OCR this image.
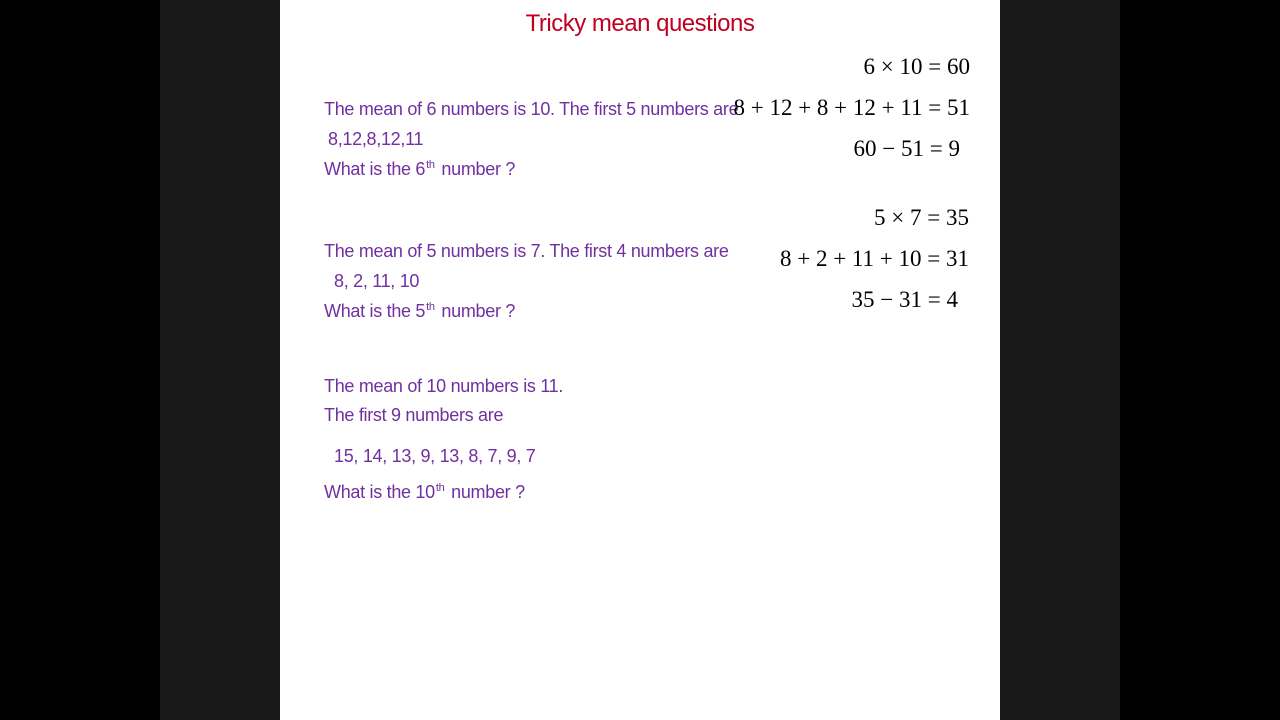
Tricky mean questions
The mean of 6 numbers is 10. The first 5 numbers are
8,12,8,12,11
What is the 6th number ?
The mean of 5 numbers is 7. The first 4 numbers are
8, 2, 11, 10
What is the 5th number ?
The mean of 10 numbers is 11.
The first 9 numbers are
15, 14, 13, 9, 13, 8, 7, 9, 7
What is the 10th number ?
6 × 10 = 60
8 + 12 + 8 + 12 + 11 = 51
60 − 51 = 9
5 × 7 = 35
8 + 2 + 11 + 10 = 31
35 − 31 = 4
